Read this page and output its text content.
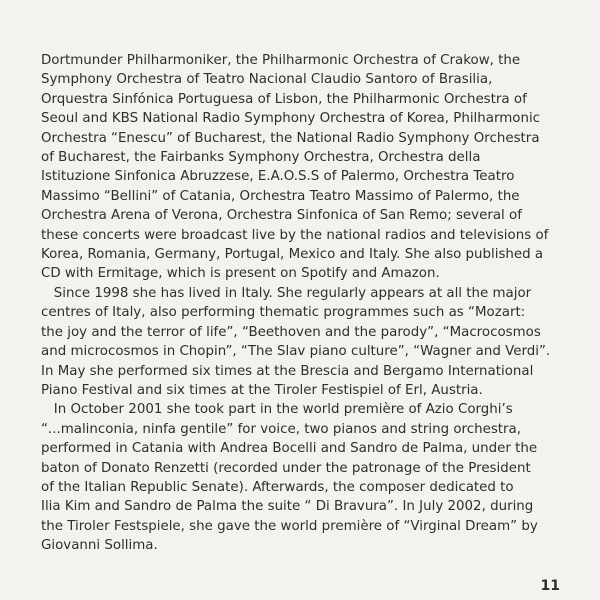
Dortmunder Philharmoniker, the Philharmonic Orchestra of Crakow, the
Symphony Orchestra of Teatro Nacional Claudio Santoro of Brasilia,
Orquestra Sinfónica Portuguesa of Lisbon, the Philharmonic Orchestra of
Seoul and KBS National Radio Symphony Orchestra of Korea, Philharmonic
Orchestra “Enescu” of Bucharest, the National Radio Symphony Orchestra
of Bucharest, the Fairbanks Symphony Orchestra, Orchestra della
Istituzione Sinfonica Abruzzese, E.A.O.S.S of Palermo, Orchestra Teatro
Massimo “Bellini” of Catania, Orchestra Teatro Massimo of Palermo, the
Orchestra Arena of Verona, Orchestra Sinfonica of San Remo; several of
these concerts were broadcast live by the national radios and televisions of
Korea, Romania, Germany, Portugal, Mexico and Italy. She also published a
CD with Ermitage, which is present on Spotify and Amazon.
Since 1998 she has lived in Italy. She regularly appears at all the major
centres of Italy, also performing thematic programmes such as “Mozart:
the joy and the terror of life”, “Beethoven and the parody”, “Macrocosmos
and microcosmos in Chopin”, “The Slav piano culture”, “Wagner and Verdi”.
In May she performed six times at the Brescia and Bergamo International
Piano Festival and six times at the Tiroler Festispiel of Erl, Austria.
In October 2001 she took part in the world première of Azio Corghi’s
“...malinconia, ninfa gentile” for voice, two pianos and string orchestra,
performed in Catania with Andrea Bocelli and Sandro de Palma, under the
baton of Donato Renzetti (recorded under the patronage of the President
of the Italian Republic Senate). Afterwards, the composer dedicated to
Ilia Kim and Sandro de Palma the suite “ Di Bravura”. In July 2002, during
the Tiroler Festspiele, she gave the world première of “Virginal Dream” by
Giovanni Sollima.
11
